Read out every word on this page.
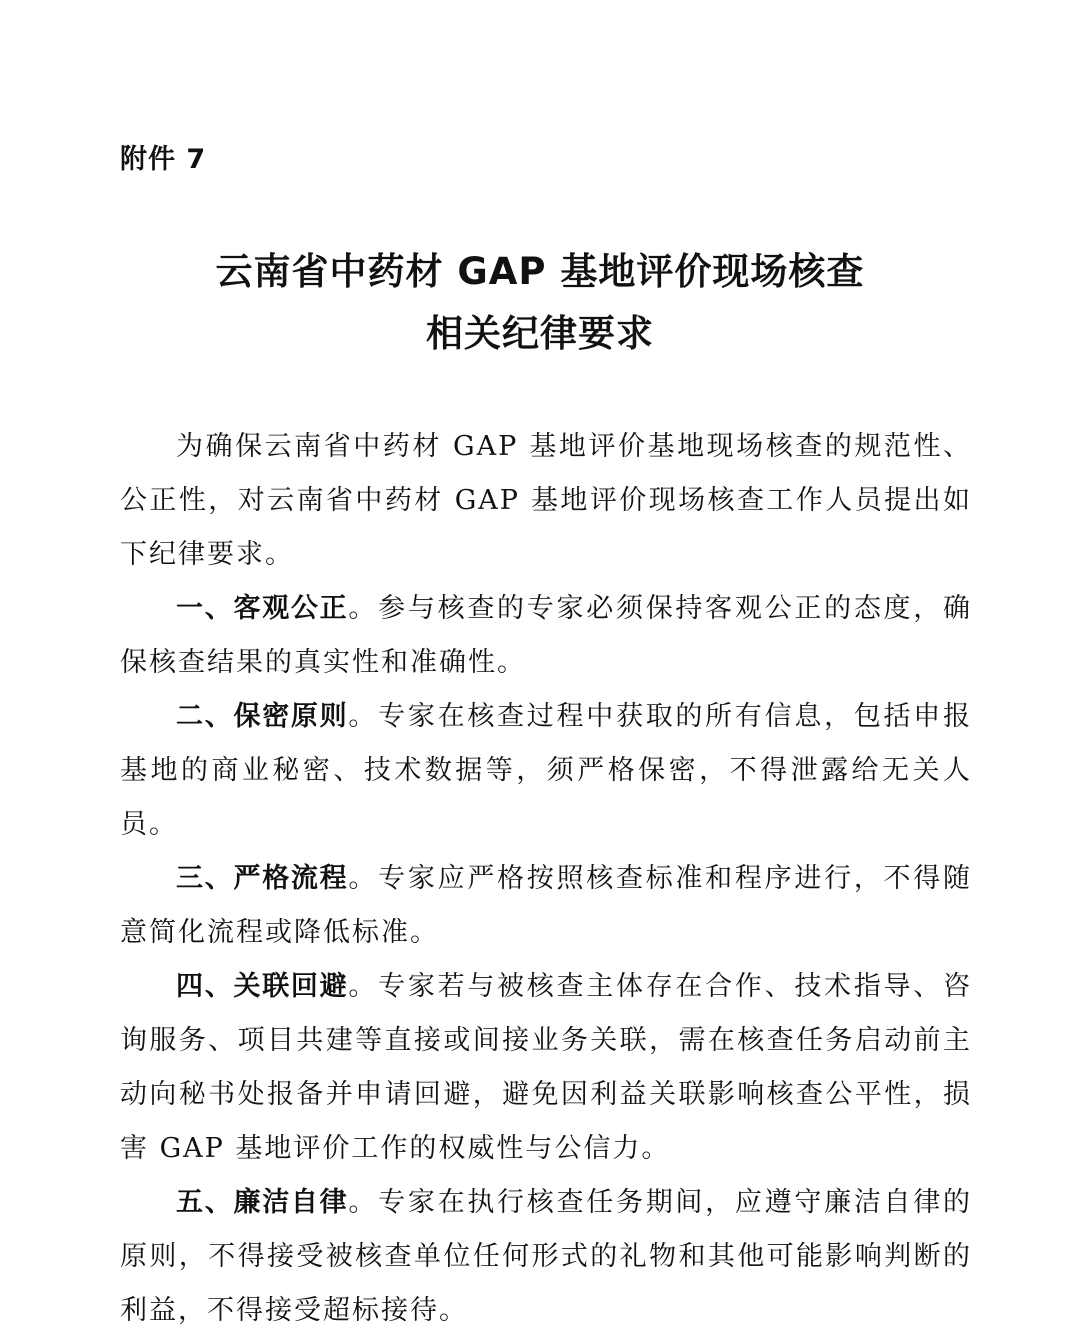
附件 7
云南省中药材 GAP 基地评价现场核查
相关纪律要求

为确保云南省中药材 GAP 基地评价基地现场核查的规范性、公正性，对云南省中药材 GAP 基地评价现场核查工作人员提出如下纪律要求。

一、客观公正。参与核查的专家必须保持客观公正的态度，确保核查结果的真实性和准确性。

二、保密原则。专家在核查过程中获取的所有信息，包括申报基地的商业秘密、技术数据等，须严格保密，不得泄露给无关人员。

三、严格流程。专家应严格按照核查标准和程序进行，不得随意简化流程或降低标准。

四、关联回避。专家若与被核查主体存在合作、技术指导、咨询服务、项目共建等直接或间接业务关联，需在核查任务启动前主动向秘书处报备并申请回避，避免因利益关联影响核查公平性，损害 GAP 基地评价工作的权威性与公信力。

五、廉洁自律。专家在执行核查任务期间，应遵守廉洁自律的原则，不得接受被核查单位任何形式的礼物和其他可能影响判断的利益，不得接受超标接待。
